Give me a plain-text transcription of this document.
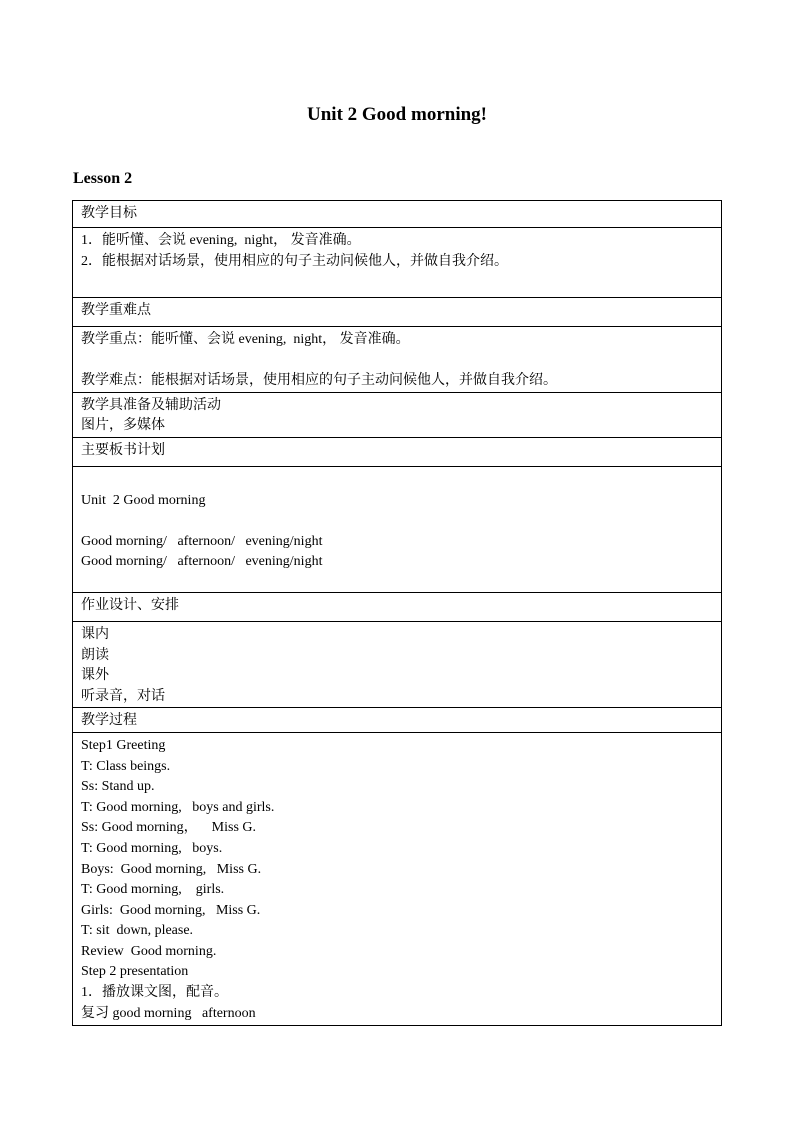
Unit 2 Good morning!
Lesson 2
教学目标

1．能听懂、会说 evening,  night， 发音准确。
2．能根据对话场景，使用相应的句子主动问候他人，并做自我介绍。

教学重难点

教学重点：能听懂、会说 evening,  night， 发音准确。
教学难点：能根据对话场景，使用相应的句子主动问候他人，并做自我介绍。

教学具准备及辅助活动
图片，多媒体

主要板书计划

Unit  2 Good morning
Good morning/   afternoon/   evening/night
Good morning/   afternoon/   evening/night

作业设计、安排

课内
朗读
课外
听录音，对话

教学过程

Step1 Greeting
T: Class beings.
Ss: Stand up.
T: Good morning,   boys and girls.
Ss: Good morning，    Miss G.
T: Good morning,   boys.
Boys:  Good morning,   Miss G.
T: Good morning,    girls.
Girls:  Good morning,   Miss G.
T: sit  down, please.
Review  Good morning.
Step 2 presentation
1．播放课文图，配音。
复习 good morning   afternoon
